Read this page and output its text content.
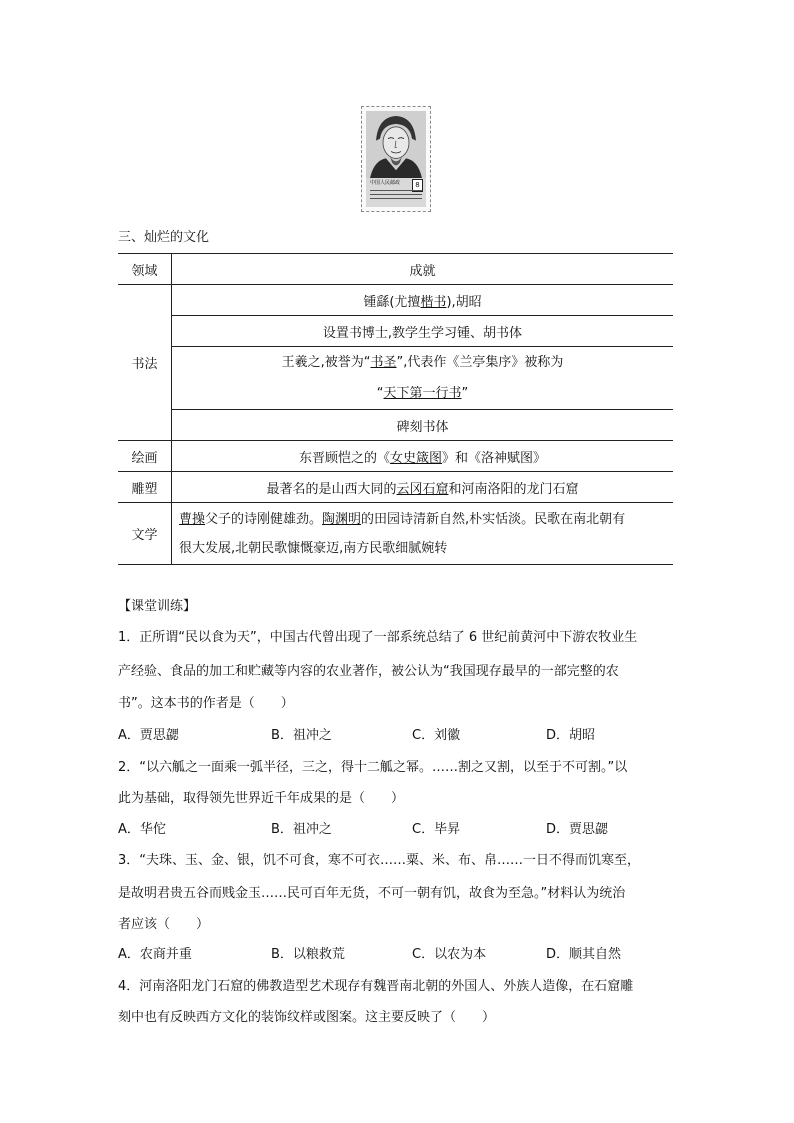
中国人民邮政	8
三、灿烂的文化
领域	成就
书法	锺繇(尤擅楷书),胡昭
	设置书博士,教学生学习锺、胡书体

	王羲之,被誉为“书圣”,代表作《兰亭集序》被称为
“天下第一行书”

	碑刻书体
绘画	东晋顾恺之的《女史箴图》和《洛神赋图》
雕塑	最著名的是山西大同的云冈石窟和河南洛阳的龙门石窟
文学	曹操父子的诗刚健雄劲。陶渊明的田园诗清新自然,朴实恬淡。民歌在南北朝有
很大发展,北朝民歌慷慨豪迈,南方民歌细腻婉转
【课堂训练】
1．正所谓“民以食为天”，中国古代曾出现了一部系统总结了 6 世纪前黄河中下游农牧业生
产经验、食品的加工和贮藏等内容的农业著作，被公认为“我国现存最早的一部完整的农
书”。这本书的作者是（　　）
A．贾思勰	B．祖冲之	C．刘徽	D．胡昭
2．“以六觚之一面乘一弧半径，三之，得十二觚之幂。……割之又割，以至于不可割。”以
此为基础，取得领先世界近千年成果的是（　　）
A．华佗	B．祖冲之	C．毕昇	D．贾思勰
3．“夫珠、玉、金、银，饥不可食，寒不可衣……粟、米、布、帛……一日不得而饥寒至，
是故明君贵五谷而贱金玉……民可百年无货，不可一朝有饥，故食为至急。”材料认为统治
者应该（　　）
A．农商并重	B．以粮救荒	C．以农为本	D．顺其自然
4．河南洛阳龙门石窟的佛教造型艺术现存有魏晋南北朝的外国人、外族人造像，在石窟雕
刻中也有反映西方文化的装饰纹样或图案。这主要反映了（　　）
